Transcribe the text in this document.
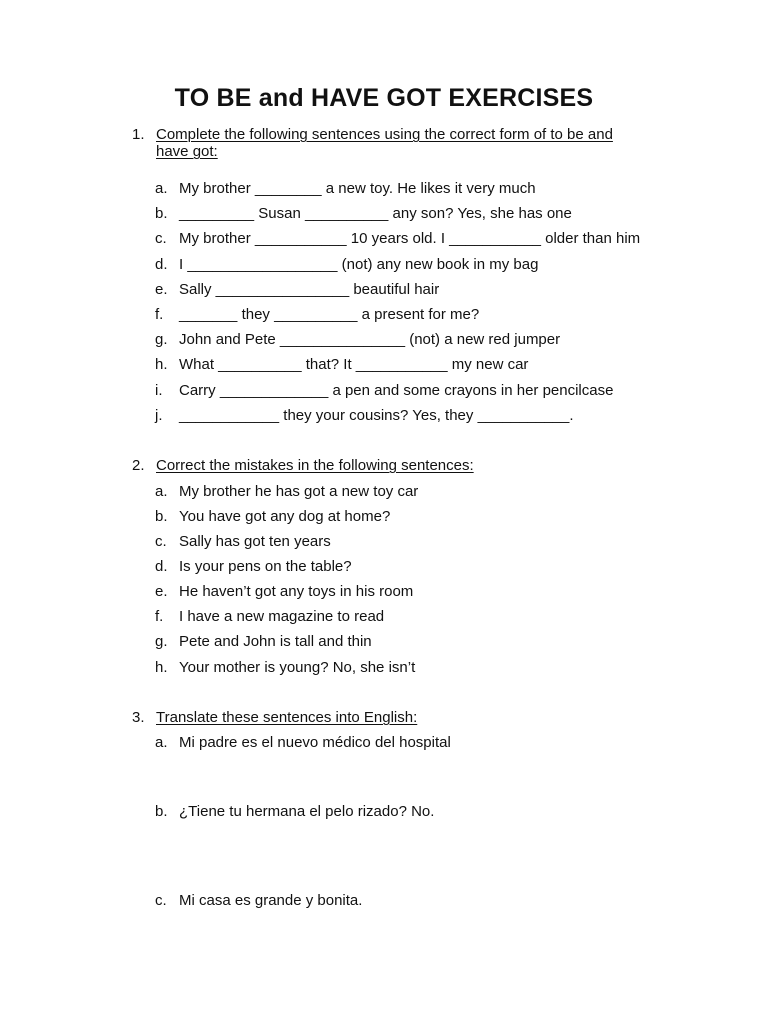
TO BE and HAVE GOT EXERCISES
1. Complete the following sentences using the correct form of to be and have got:
a. My brother ________ a new toy. He likes it very much
b. _________ Susan __________ any son? Yes, she has one
c. My brother ___________ 10 years old. I ___________ older than him
d. I __________________ (not) any new book in my bag
e. Sally ________________ beautiful hair
f. _______ they __________ a present for me?
g. John and Pete _______________ (not) a new red jumper
h. What __________ that? It ___________ my new car
i. Carry _____________ a pen and some crayons in her pencilcase
j. ____________ they your cousins? Yes, they ___________.
2. Correct the mistakes in the following sentences:
a. My brother he has got a new toy car
b. You have got any dog at home?
c. Sally has got ten years
d. Is your pens on the table?
e. He haven’t got any toys in his room
f. I have a new magazine to read
g. Pete and John is tall and thin
h. Your mother is young? No, she isn’t
3. Translate these sentences into English:
a. Mi padre es el nuevo médico del hospital
b. ¿Tiene tu hermana el pelo rizado? No.
c. Mi casa es grande y bonita.
